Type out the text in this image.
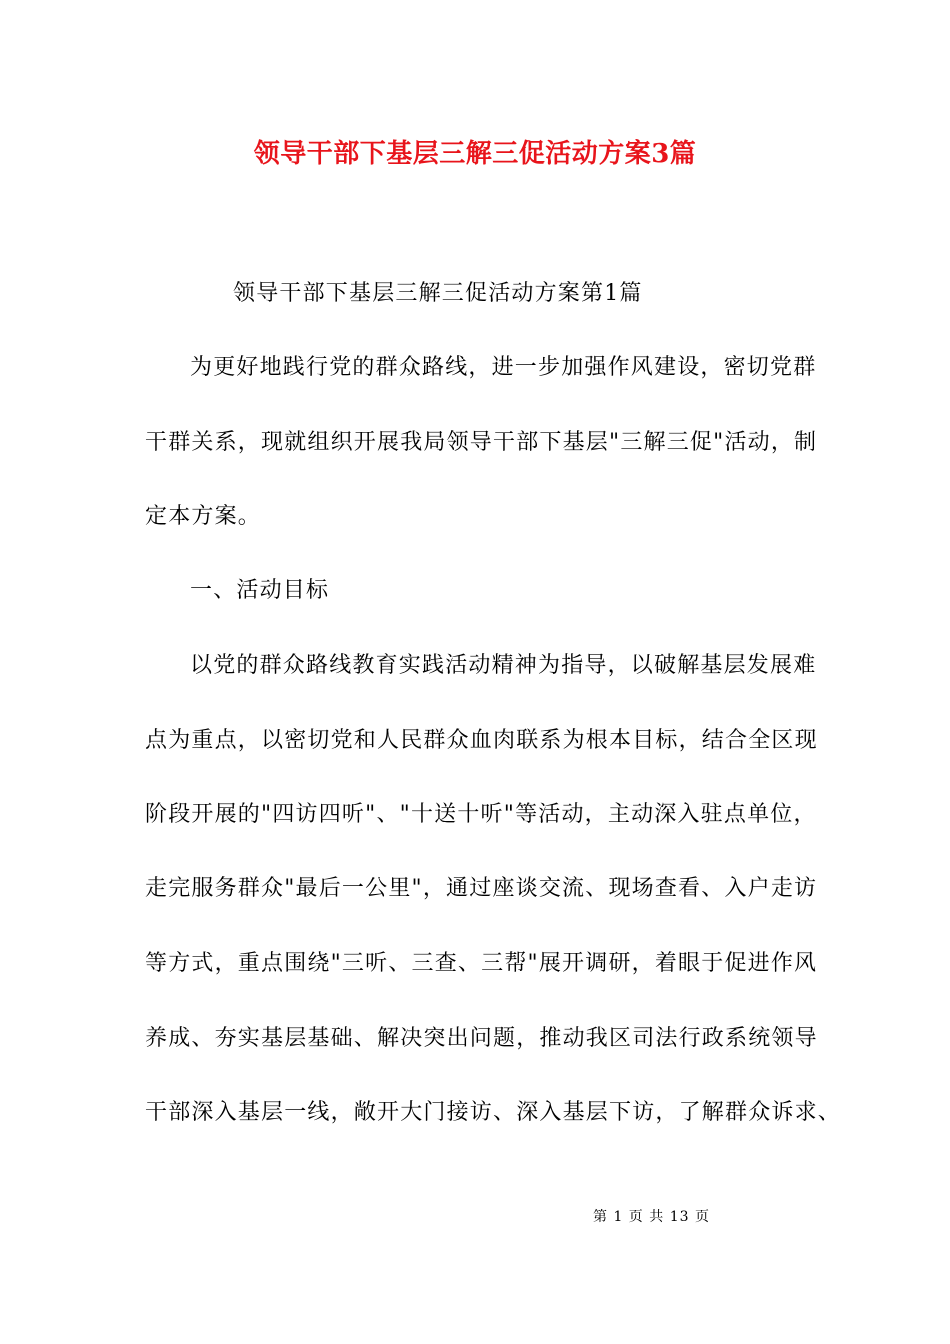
领导干部下基层三解三促活动方案3篇
领导干部下基层三解三促活动方案第1篇
为更好地践行党的群众路线，进一步加强作风建设，密切党群
干群关系，现就组织开展我局领导干部下基层"三解三促"活动，制
定本方案。
一、活动目标
以党的群众路线教育实践活动精神为指导，以破解基层发展难
点为重点，以密切党和人民群众血肉联系为根本目标，结合全区现
阶段开展的"四访四听"、"十送十听"等活动，主动深入驻点单位，
走完服务群众"最后一公里"，通过座谈交流、现场查看、入户走访
等方式，重点围绕"三听、三查、三帮"展开调研，着眼于促进作风
养成、夯实基层基础、解决突出问题，推动我区司法行政系统领导
干部深入基层一线，敞开大门接访、深入基层下访，了解群众诉求、
第 1 页 共 13 页
